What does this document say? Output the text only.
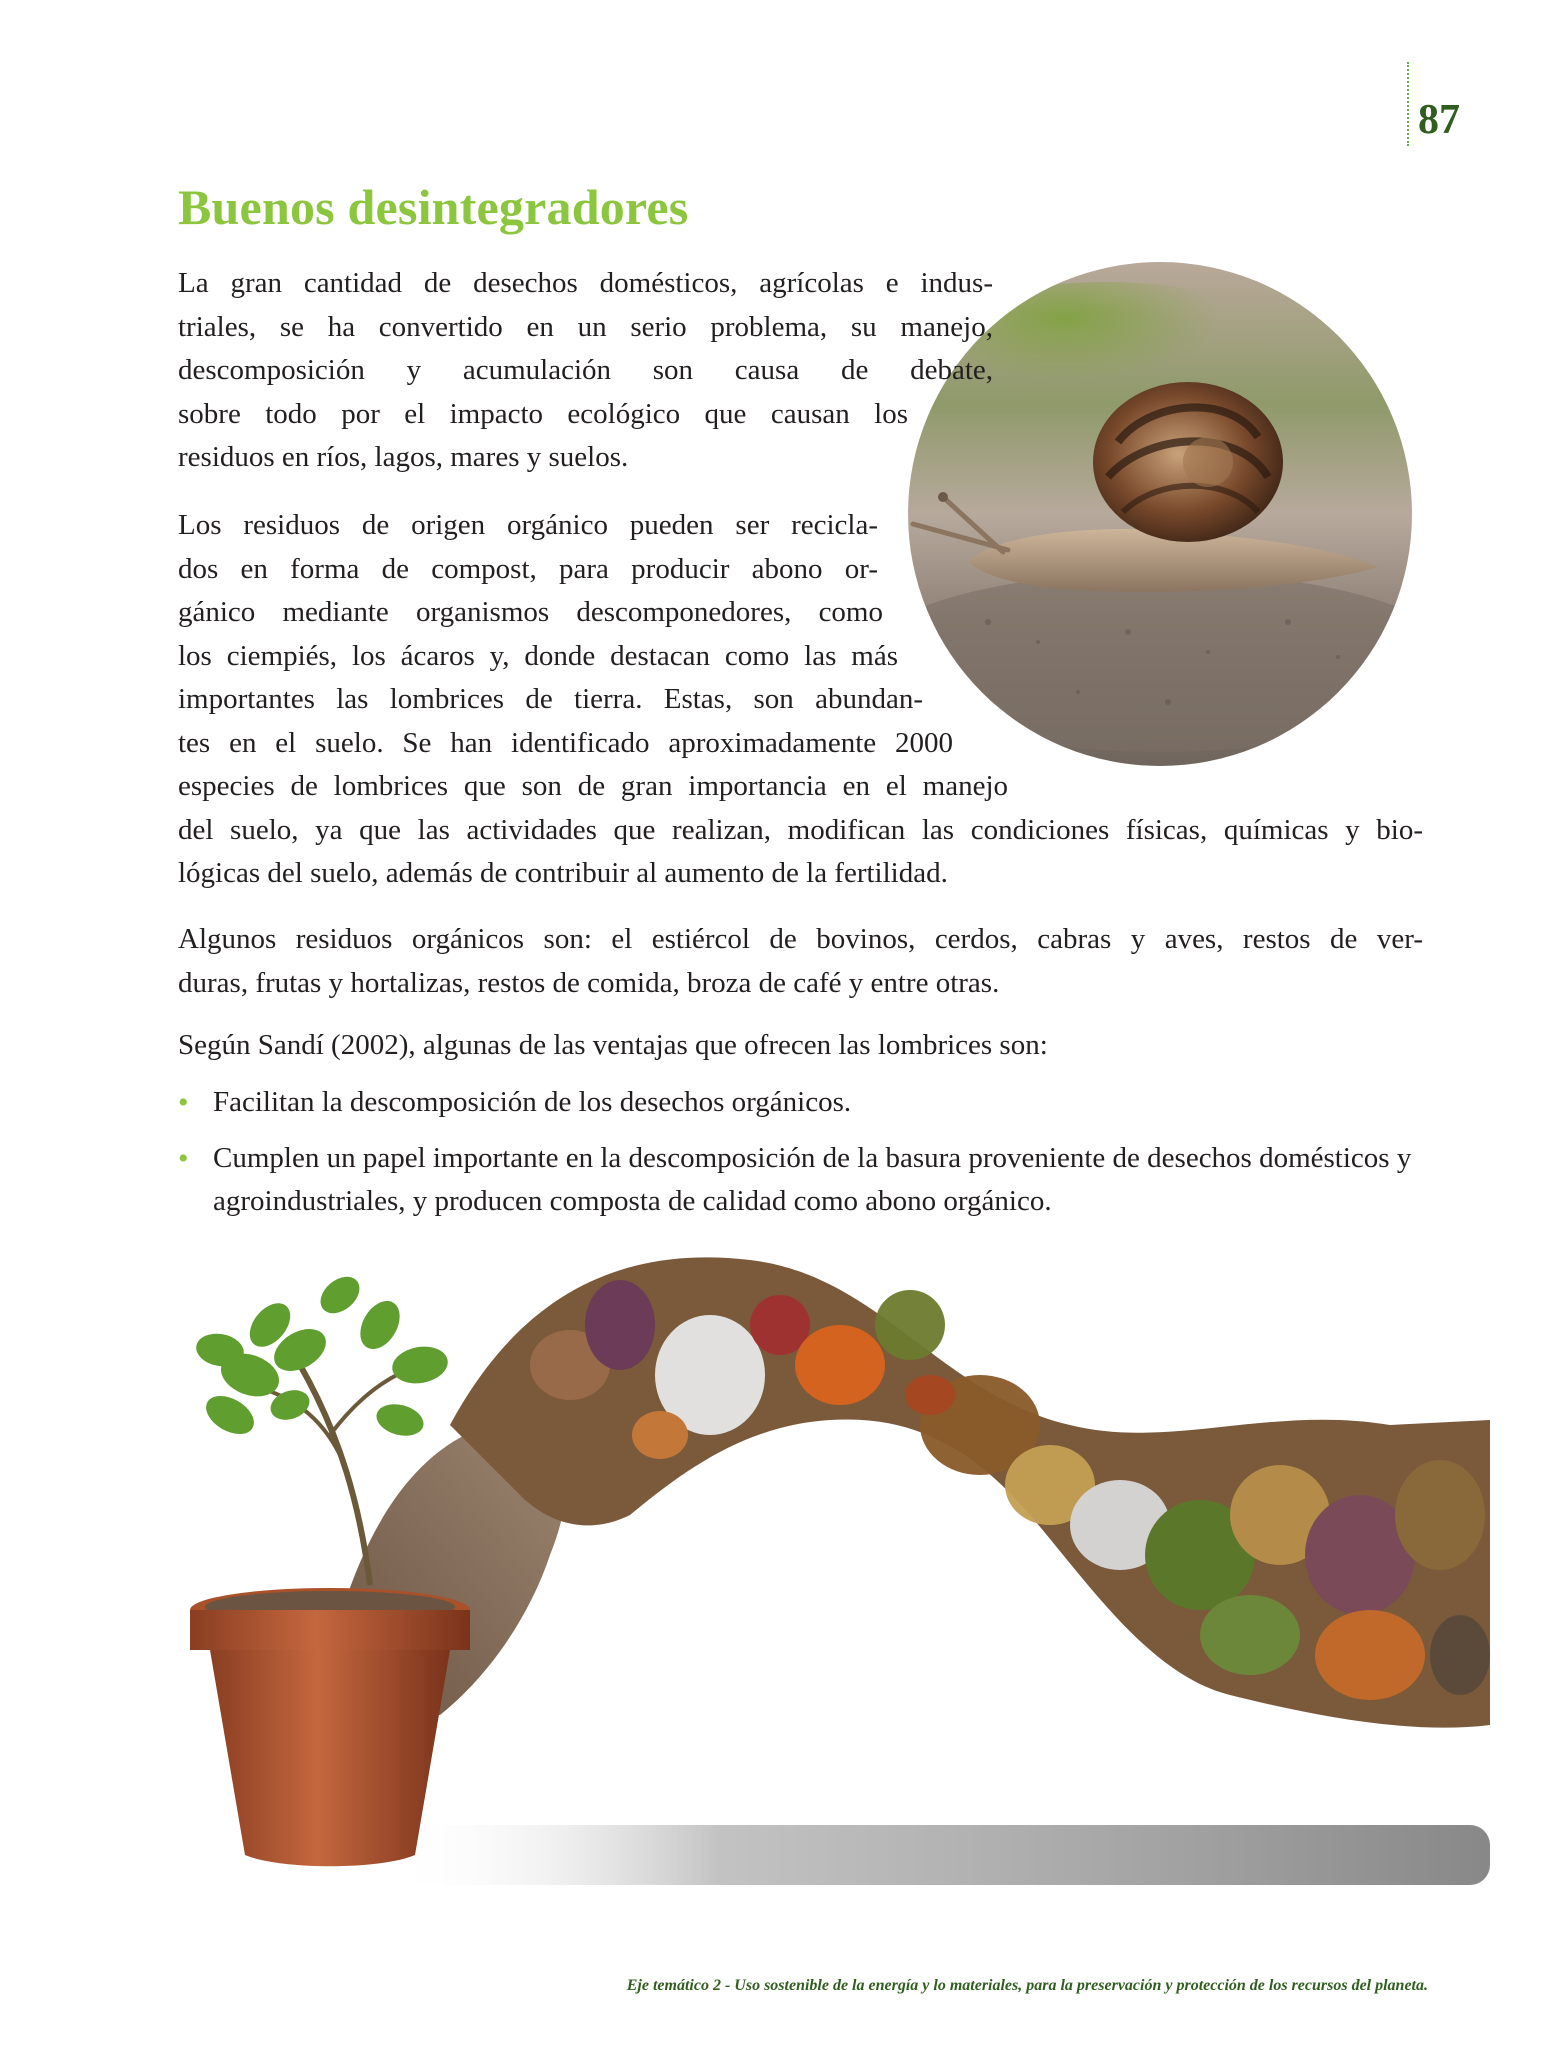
87
Buenos desintegradores

La gran cantidad de desechos domésticos, agrícolas e indus-
triales, se ha convertido en un serio problema, su manejo,
descomposición y acumulación son causa de debate,
sobre todo por el impacto ecológico que causan los
residuos en ríos, lagos, mares y suelos.

Los residuos de origen orgánico pueden ser recicla-
dos en forma de compost, para producir abono or-
gánico mediante organismos descomponedores, como
los ciempiés, los ácaros y, donde destacan como las más
importantes las lombrices de tierra. Estas, son abundan-
tes en el suelo. Se han identificado aproximadamente 2000
especies de lombrices que son de gran importancia en el manejo
del suelo, ya que las actividades que realizan, modifican las condiciones físicas, químicas y bio-
lógicas del suelo, además de contribuir al aumento de la fertilidad.

Algunos residuos orgánicos son: el estiércol de bovinos, cerdos, cabras y aves, restos de ver-
duras, frutas y hortalizas, restos de comida, broza de café y entre otras.

Según Sandí (2002), algunas de las ventajas que ofrecen las lombrices son:

• Facilitan la descomposición de los desechos orgánicos.
• Cumplen un papel importante en la descomposición de la basura proveniente de desechos domésticos y agroindustriales, y producen composta de calidad como abono orgánico.
Eje temático 2 - Uso sostenible de la energía y lo materiales, para la preservación y protección de los recursos del planeta.
